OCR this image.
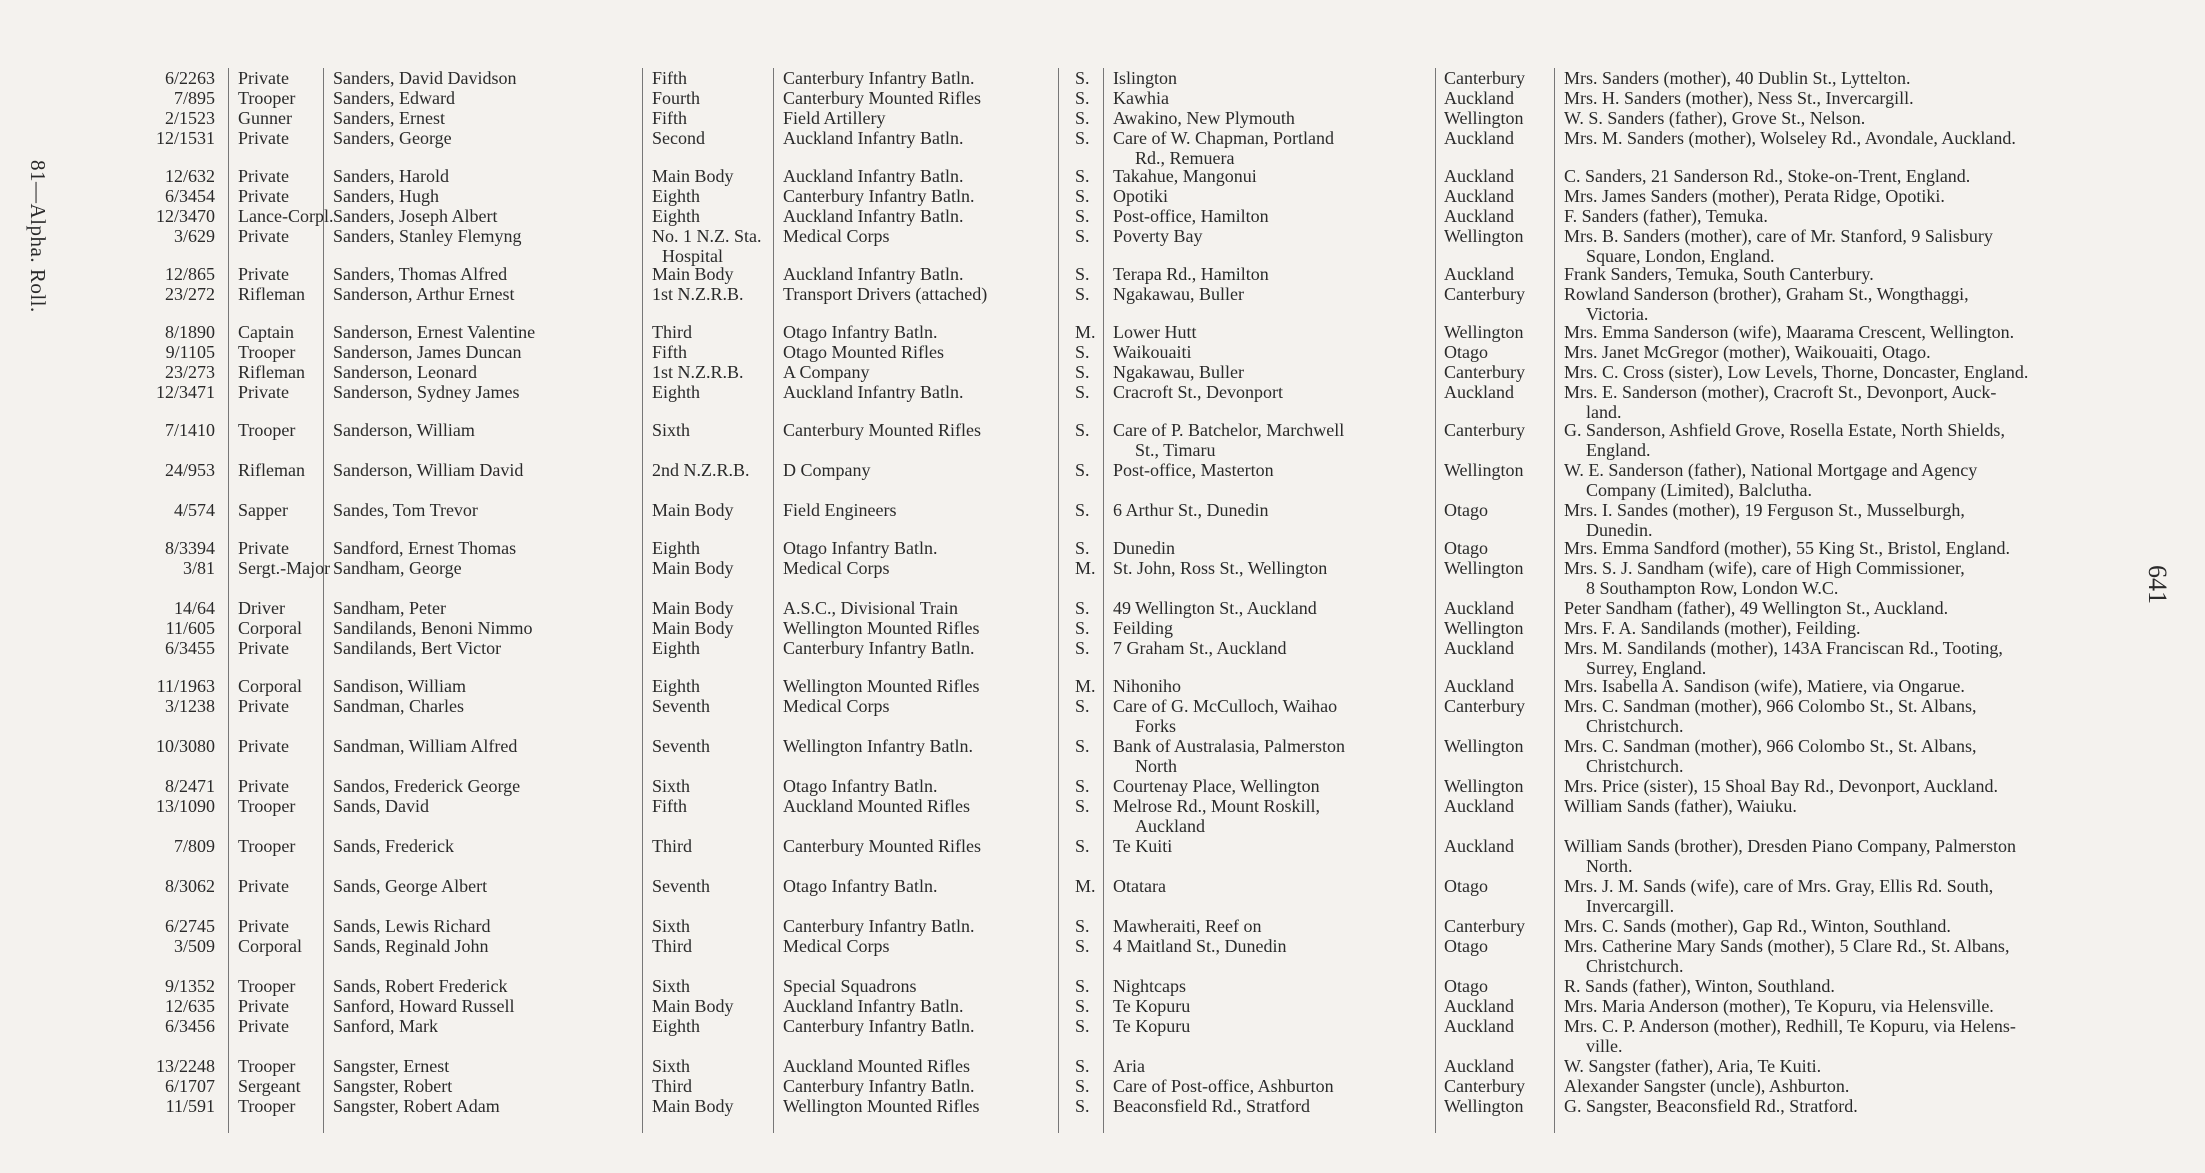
81—Alpha. Roll.
641
6/2263 Private	Sanders, David Davidson	Fifth	Canterbury Infantry Batln.	S.	Islington	Canterbury	Mrs. Sanders (mother), 40 Dublin St., Lyttelton.
7/895 Trooper	Sanders, Edward	Fourth	Canterbury Mounted Rifles	S.	Kawhia	Auckland	Mrs. H. Sanders (mother), Ness St., Invercargill.
2/1523 Gunner	Sanders, Ernest	Fifth	Field Artillery	S.	Awakino, New Plymouth	Wellington	W. S. Sanders (father), Grove St., Nelson.
12/1531 Private	Sanders, George	Second	Auckland Infantry Batln.	S.	Care of W. Chapman, Portland	Auckland	Mrs. M. Sanders (mother), Wolseley Rd., Avondale, Auckland.
Rd., Remuera
12/632 Private	Sanders, Harold	Main Body	Auckland Infantry Batln.	S.	Takahue, Mangonui	Auckland	C. Sanders, 21 Sanderson Rd., Stoke-on-Trent, England.
6/3454 Private	Sanders, Hugh	Eighth	Canterbury Infantry Batln.	S.	Opotiki	Auckland	Mrs. James Sanders (mother), Perata Ridge, Opotiki.
12/3470 Lance-Corpl. Sanders, Joseph Albert	Eighth	Auckland Infantry Batln.	S.	Post-office, Hamilton	Auckland	F. Sanders (father), Temuka.
3/629 Private	Sanders, Stanley Flemyng	No. 1 N.Z. Sta.	Medical Corps	S.	Poverty Bay	Wellington	Mrs. B. Sanders (mother), care of Mr. Stanford, 9 Salisbury
Hospital	Square, London, England.
12/865 Private	Sanders, Thomas Alfred	Main Body	Auckland Infantry Batln.	S.	Terapa Rd., Hamilton	Auckland	Frank Sanders, Temuka, South Canterbury.
23/272 Rifleman	Sanderson, Arthur Ernest	1st N.Z.R.B.	Transport Drivers (attached)	S.	Ngakawau, Buller	Canterbury	Rowland Sanderson (brother), Graham St., Wongthaggi,
Victoria.
8/1890 Captain	Sanderson, Ernest Valentine	Third	Otago Infantry Batln.	M. Lower Hutt	Wellington	Mrs. Emma Sanderson (wife), Maarama Crescent, Wellington.
9/1105 Trooper	Sanderson, James Duncan	Fifth	Otago Mounted Rifles	S.	Waikouaiti	Otago	Mrs. Janet McGregor (mother), Waikouaiti, Otago.
23/273 Rifleman	Sanderson, Leonard	1st N.Z.R.B.	A Company	S.	Ngakawau, Buller	Canterbury	Mrs. C. Cross (sister), Low Levels, Thorne, Doncaster, England.
12/3471 Private	Sanderson, Sydney James	Eighth	Auckland Infantry Batln.	S.	Cracroft St., Devonport	Auckland	Mrs. E. Sanderson (mother), Cracroft St., Devonport, Auck-
land.
7/1410 Trooper	Sanderson, William	Sixth	Canterbury Mounted Rifles	S.	Care of P. Batchelor, Marchwell	Canterbury	G. Sanderson, Ashfield Grove, Rosella Estate, North Shields,
St., Timaru	England.
24/953 Rifleman	Sanderson, William David	2nd N.Z.R.B.	D Company	S.	Post-office, Masterton	Wellington	W. E. Sanderson (father), National Mortgage and Agency
Company (Limited), Balclutha.
4/574 Sapper	Sandes, Tom Trevor	Main Body	Field Engineers	S.	6 Arthur St., Dunedin	Otago	Mrs. I. Sandes (mother), 19 Ferguson St., Musselburgh,
Dunedin.
8/3394 Private	Sandford, Ernest Thomas	Eighth	Otago Infantry Batln.	S.	Dunedin	Otago	Mrs. Emma Sandford (mother), 55 King St., Bristol, England.
3/81 Sergt.-Major Sandham, George	Main Body	Medical Corps	M. St. John, Ross St., Wellington	Wellington	Mrs. S. J. Sandham (wife), care of High Commissioner,
8 Southampton Row, London W.C.
14/64 Driver	Sandham, Peter	Main Body	A.S.C., Divisional Train	S.	49 Wellington St., Auckland	Auckland	Peter Sandham (father), 49 Wellington St., Auckland.
11/605 Corporal	Sandilands, Benoni Nimmo	Main Body	Wellington Mounted Rifles	S.	Feilding	Wellington	Mrs. F. A. Sandilands (mother), Feilding.
6/3455 Private	Sandilands, Bert Victor	Eighth	Canterbury Infantry Batln.	S.	7 Graham St., Auckland	Auckland	Mrs. M. Sandilands (mother), 143A Franciscan Rd., Tooting,
Surrey, England.
11/1963 Corporal	Sandison, William	Eighth	Wellington Mounted Rifles	M. Nihoniho	Auckland	Mrs. Isabella A. Sandison (wife), Matiere, via Ongarue.
3/1238 Private	Sandman, Charles	Seventh	Medical Corps	S.	Care of G. McCulloch, Waihao	Canterbury	Mrs. C. Sandman (mother), 966 Colombo St., St. Albans,
Forks	Christchurch.
10/3080 Private	Sandman, William Alfred	Seventh	Wellington Infantry Batln.	S.	Bank of Australasia, Palmerston	Wellington	Mrs. C. Sandman (mother), 966 Colombo St., St. Albans,
North	Christchurch.
8/2471 Private	Sandos, Frederick George	Sixth	Otago Infantry Batln.	S.	Courtenay Place, Wellington	Wellington	Mrs. Price (sister), 15 Shoal Bay Rd., Devonport, Auckland.
13/1090 Trooper	Sands, David	Fifth	Auckland Mounted Rifles	S.	Melrose Rd., Mount Roskill,	Auckland	William Sands (father), Waiuku.
Auckland
7/809 Trooper	Sands, Frederick	Third	Canterbury Mounted Rifles	S.	Te Kuiti	Auckland	William Sands (brother), Dresden Piano Company, Palmerston
North.
8/3062 Private	Sands, George Albert	Seventh	Otago Infantry Batln.	M. Otatara	Otago	Mrs. J. M. Sands (wife), care of Mrs. Gray, Ellis Rd. South,
Invercargill.
6/2745 Private	Sands, Lewis Richard	Sixth	Canterbury Infantry Batln.	S.	Mawheraiti, Reef on	Canterbury	Mrs. C. Sands (mother), Gap Rd., Winton, Southland.
3/509 Corporal	Sands, Reginald John	Third	Medical Corps	S.	4 Maitland St., Dunedin	Otago	Mrs. Catherine Mary Sands (mother), 5 Clare Rd., St. Albans,
Christchurch.
9/1352 Trooper	Sands, Robert Frederick	Sixth	Special Squadrons	S.	Nightcaps	Otago	R. Sands (father), Winton, Southland.
12/635 Private	Sanford, Howard Russell	Main Body	Auckland Infantry Batln.	S.	Te Kopuru	Auckland	Mrs. Maria Anderson (mother), Te Kopuru, via Helensville.
6/3456 Private	Sanford, Mark	Eighth	Canterbury Infantry Batln.	S.	Te Kopuru	Auckland	Mrs. C. P. Anderson (mother), Redhill, Te Kopuru, via Helens-
ville.
13/2248 Trooper	Sangster, Ernest	Sixth	Auckland Mounted Rifles	S.	Aria	Auckland	W. Sangster (father), Aria, Te Kuiti.
6/1707 Sergeant	Sangster, Robert	Third	Canterbury Infantry Batln.	S.	Care of Post-office, Ashburton	Canterbury	Alexander Sangster (uncle), Ashburton.
11/591 Trooper	Sangster, Robert Adam	Main Body	Wellington Mounted Rifles	S.	Beaconsfield Rd., Stratford	Wellington	G. Sangster, Beaconsfield Rd., Stratford.
